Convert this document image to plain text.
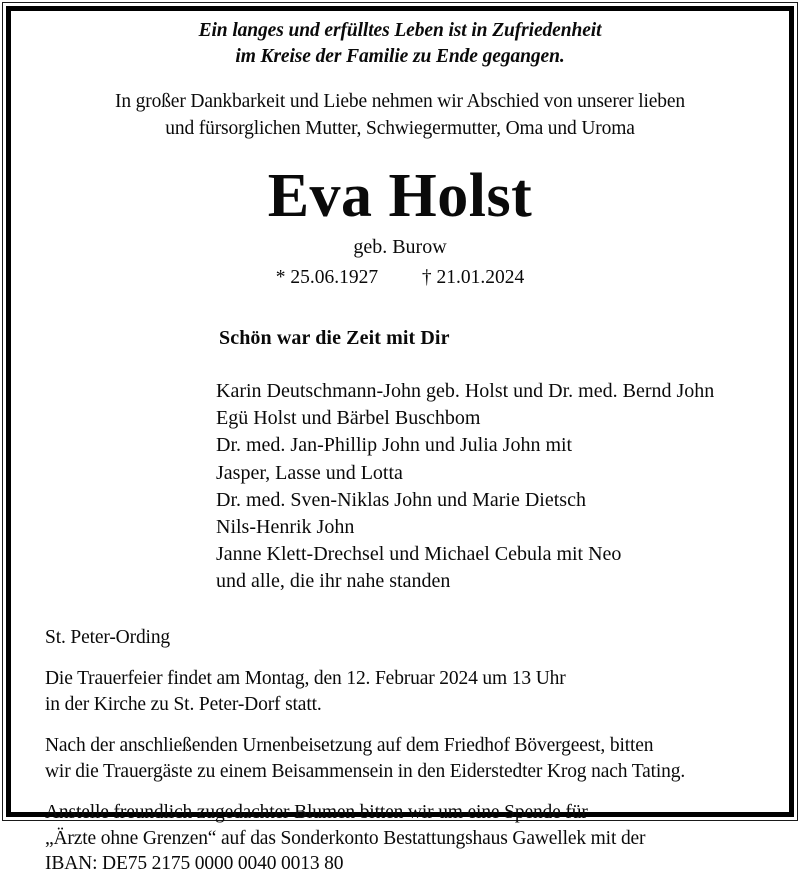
Ein langes und erfülltes Leben ist in Zufriedenheit
im Kreise der Familie zu Ende gegangen.
In großer Dankbarkeit und Liebe nehmen wir Abschied von unserer lieben
und fürsorglichen Mutter, Schwiegermutter, Oma und Uroma
Eva Holst
geb. Burow
* 25.06.1927 † 21.01.2024
Schön war die Zeit mit Dir
Karin Deutschmann-John geb. Holst und Dr. med. Bernd John
Egü Holst und Bärbel Buschbom
Dr. med. Jan-Phillip John und Julia John mit
Jasper, Lasse und Lotta
Dr. med. Sven-Niklas John und Marie Dietsch
Nils-Henrik John
Janne Klett-Drechsel und Michael Cebula mit Neo
und alle, die ihr nahe standen

St. Peter-Ording

Die Trauerfeier findet am Montag, den 12. Februar 2024 um 13 Uhr
in der Kirche zu St. Peter-Dorf statt.

Nach der anschließenden Urnenbeisetzung auf dem Friedhof Bövergeest, bitten
wir die Trauergäste zu einem Beisammensein in den Eiderstedter Krog nach Tating.

Anstelle freundlich zugedachter Blumen bitten wir um eine Spende für
„Ärzte ohne Grenzen“ auf das Sonderkonto Bestattungshaus Gawellek mit der
IBAN: DE75 2175 0000 0040 0013 80
